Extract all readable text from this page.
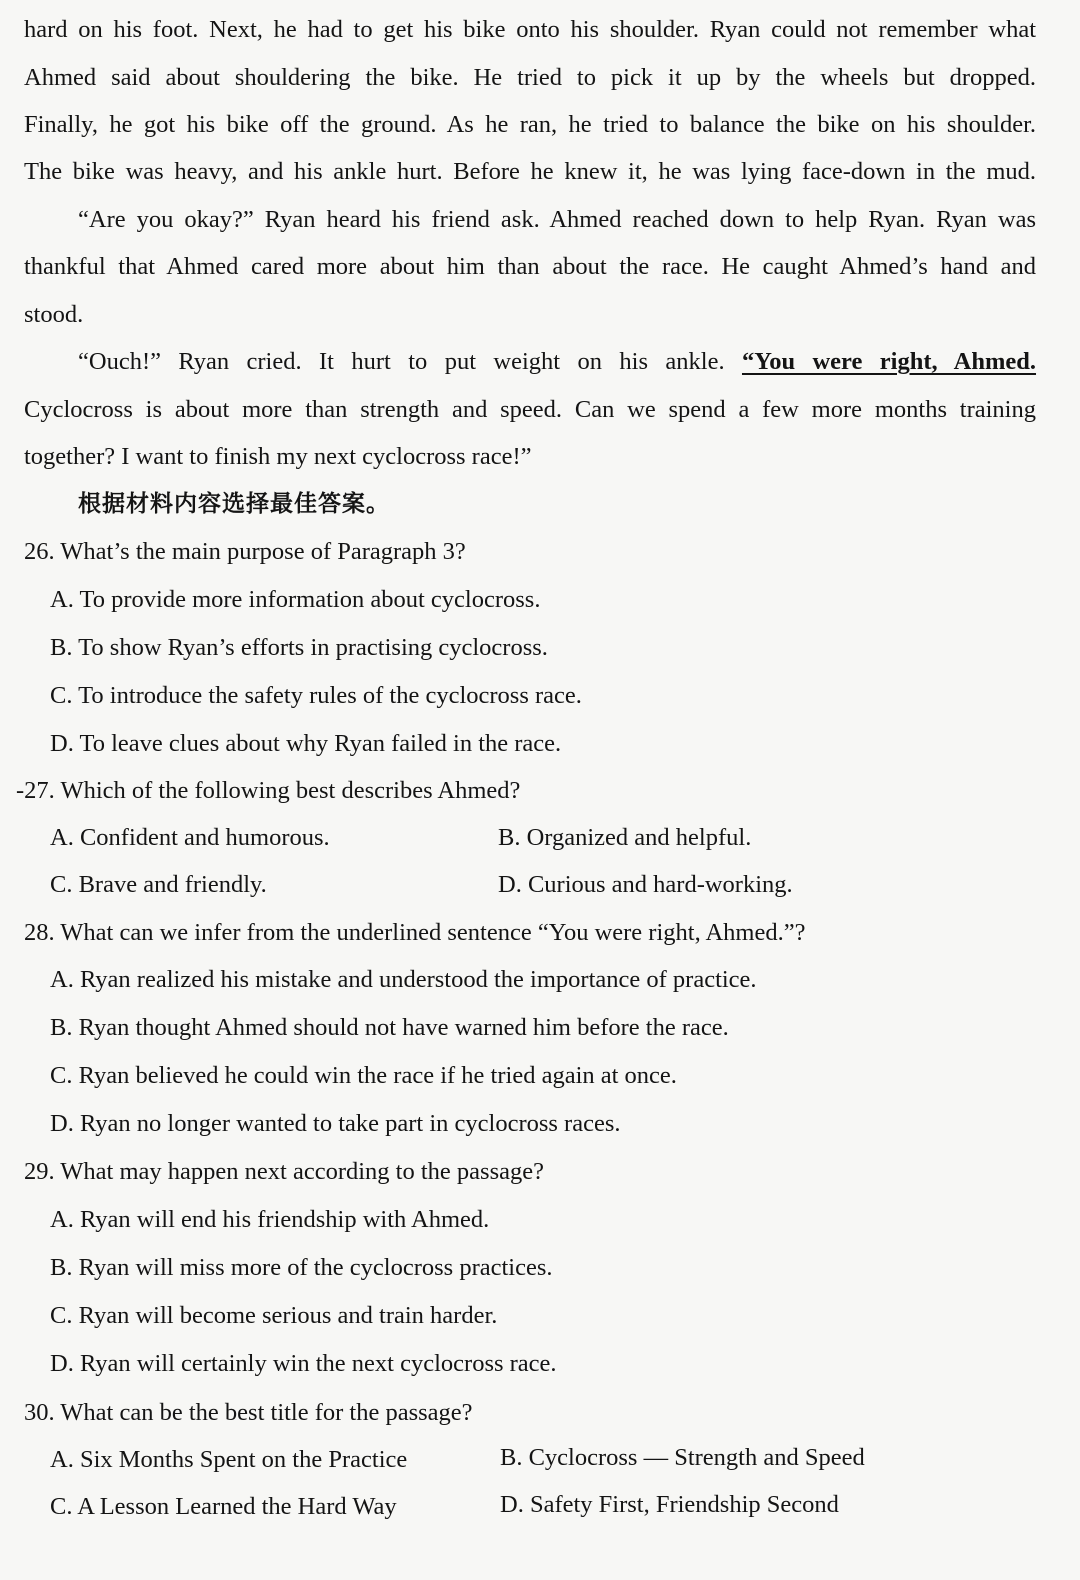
hard on his foot. Next, he had to get his bike onto his shoulder. Ryan could not remember what
Ahmed said about shouldering the bike. He tried to pick it up by the wheels but dropped.
Finally, he got his bike off the ground. As he ran, he tried to balance the bike on his shoulder.
The bike was heavy, and his ankle hurt. Before he knew it, he was lying face-down in the mud.
“Are you okay?” Ryan heard his friend ask. Ahmed reached down to help Ryan. Ryan was
thankful that Ahmed cared more about him than about the race. He caught Ahmed’s hand and
stood.
“Ouch!” Ryan cried. It hurt to put weight on his ankle. “You were right, Ahmed.
Cyclocross is about more than strength and speed. Can we spend a few more months training
together? I want to finish my next cyclocross race!”
根据材料内容选择最佳答案。
26. What’s the main purpose of Paragraph 3?
A. To provide more information about cyclocross.
B. To show Ryan’s efforts in practising cyclocross.
C. To introduce the safety rules of the cyclocross race.
D. To leave clues about why Ryan failed in the race.
-27. Which of the following best describes Ahmed?
A. Confident and humorous.	B. Organized and helpful.
C. Brave and friendly.	D. Curious and hard-working.
28. What can we infer from the underlined sentence “You were right, Ahmed.”?
A. Ryan realized his mistake and understood the importance of practice.
B. Ryan thought Ahmed should not have warned him before the race.
C. Ryan believed he could win the race if he tried again at once.
D. Ryan no longer wanted to take part in cyclocross races.
29. What may happen next according to the passage?
A. Ryan will end his friendship with Ahmed.
B. Ryan will miss more of the cyclocross practices.
C. Ryan will become serious and train harder.
D. Ryan will certainly win the next cyclocross race.
30. What can be the best title for the passage?
A. Six Months Spent on the Practice	B. Cyclocross — Strength and Speed
C. A Lesson Learned the Hard Way	D. Safety First, Friendship Second
